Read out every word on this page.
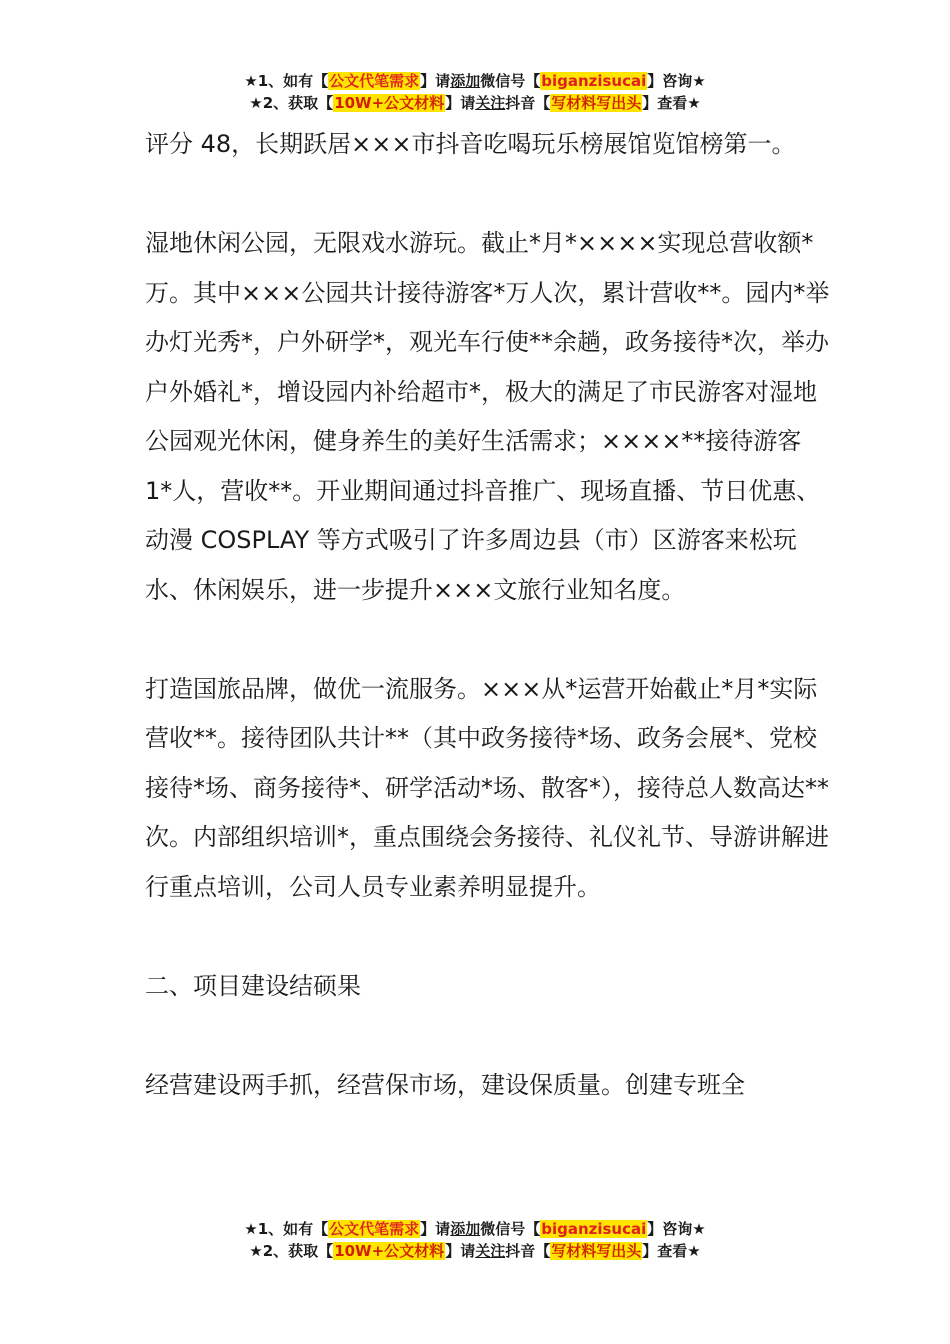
★1、如有【公文代笔需求】请添加微信号【biganzisucai】咨询★
★2、获取【10W+公文材料】请关注抖音【写材料写出头】查看★

评分 48，长期跃居×××市抖音吃喝玩乐榜展馆览馆榜第一。

湿地休闲公园，无限戏水游玩。截止*月*××××实现总营收额*万。其中×××公园共计接待游客*万人次，累计营收**。园内*举办灯光秀*，户外研学*，观光车行使**余趟，政务接待*次，举办户外婚礼*，增设园内补给超市*，极大的满足了市民游客对湿地公园观光休闲，健身养生的美好生活需求；××××**接待游客 1*人，营收**。开业期间通过抖音推广、现场直播、节日优惠、动漫 COSPLAY 等方式吸引了许多周边县（市）区游客来松玩水、休闲娱乐，进一步提升×××文旅行业知名度。

打造国旅品牌，做优一流服务。×××从*运营开始截止*月*实际营收**。接待团队共计**（其中政务接待*场、政务会展*、党校接待*场、商务接待*、研学活动*场、散客*），接待总人数高达**次。内部组织培训*，重点围绕会务接待、礼仪礼节、导游讲解进行重点培训，公司人员专业素养明显提升。

二、项目建设结硕果

经营建设两手抓，经营保市场，建设保质量。创建专班全

★1、如有【公文代笔需求】请添加微信号【biganzisucai】咨询★
★2、获取【10W+公文材料】请关注抖音【写材料写出头】查看★
